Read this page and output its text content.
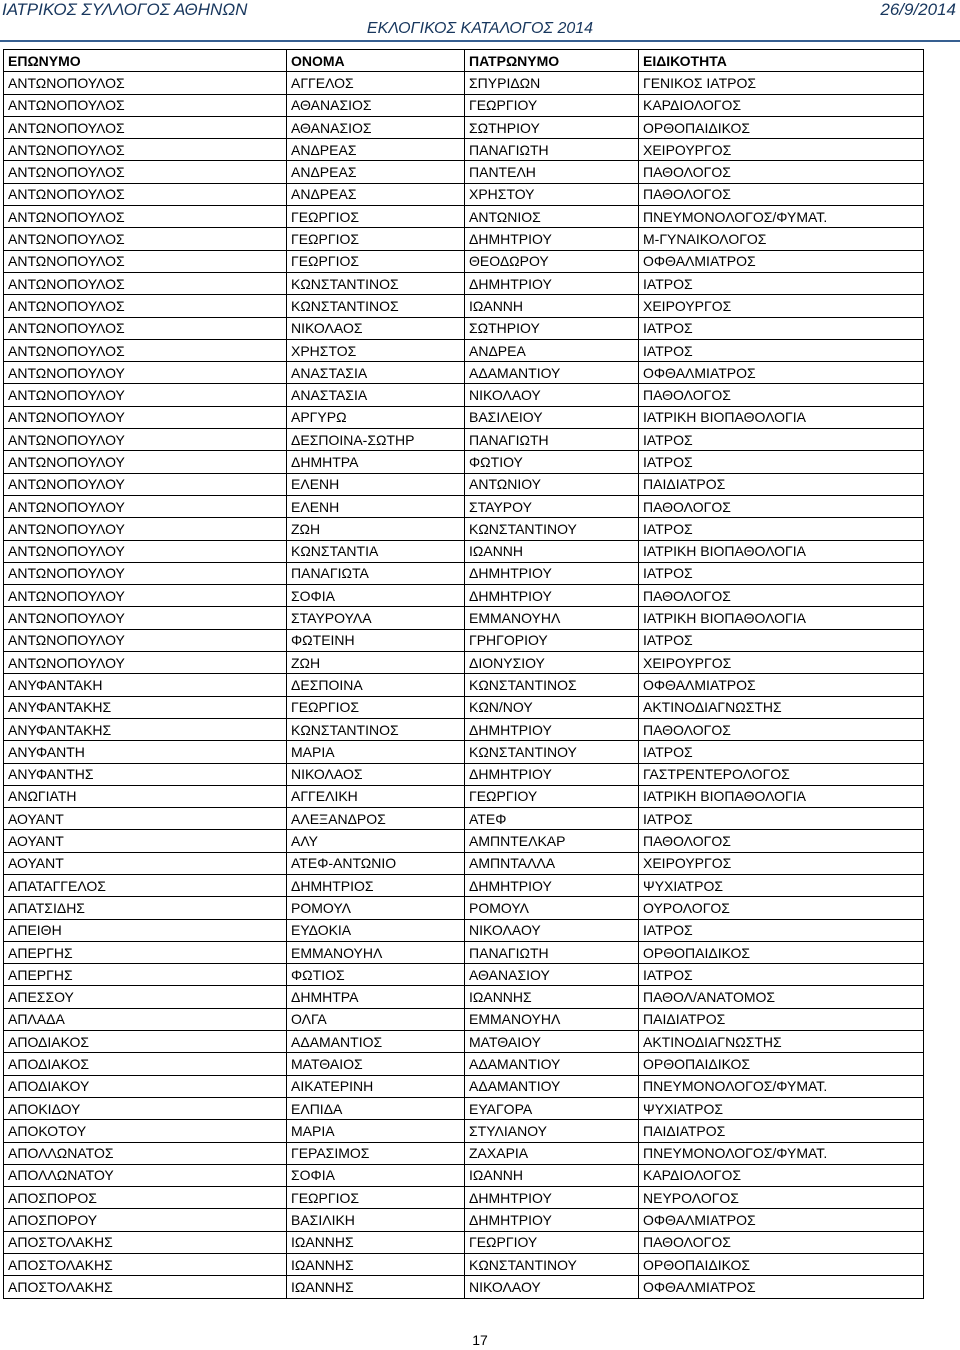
ΙΑΤΡΙΚΟΣ ΣΥΛΛΟΓΟΣ ΑΘΗΝΩΝ
ΕΚΛΟΓΙΚΟΣ ΚΑΤΑΛΟΓΟΣ 2014
26/9/2014
ΕΠΩΝΥΜΟ	ΟΝΟΜΑ	ΠΑΤΡΩΝΥΜΟ	ΕΙΔΙΚΟΤΗΤΑ
ΑΝΤΩΝΟΠΟΥΛΟΣ	ΑΓΓΕΛΟΣ	ΣΠΥΡΙΔΩΝ	ΓΕΝΙΚΟΣ ΙΑΤΡΟΣ
ΑΝΤΩΝΟΠΟΥΛΟΣ	ΑΘΑΝΑΣΙΟΣ	ΓΕΩΡΓΙΟΥ	ΚΑΡΔΙΟΛΟΓΟΣ
ΑΝΤΩΝΟΠΟΥΛΟΣ	ΑΘΑΝΑΣΙΟΣ	ΣΩΤΗΡΙΟΥ	ΟΡΘΟΠΑΙΔΙΚΟΣ
ΑΝΤΩΝΟΠΟΥΛΟΣ	ΑΝΔΡΕΑΣ	ΠΑΝΑΓΙΩΤΗ	ΧΕΙΡΟΥΡΓΟΣ
ΑΝΤΩΝΟΠΟΥΛΟΣ	ΑΝΔΡΕΑΣ	ΠΑΝΤΕΛΗ	ΠΑΘΟΛΟΓΟΣ
ΑΝΤΩΝΟΠΟΥΛΟΣ	ΑΝΔΡΕΑΣ	ΧΡΗΣΤΟΥ	ΠΑΘΟΛΟΓΟΣ
ΑΝΤΩΝΟΠΟΥΛΟΣ	ΓΕΩΡΓΙΟΣ	ΑΝΤΩΝΙΟΣ	ΠΝΕΥΜΟΝΟΛΟΓΟΣ/ΦΥΜΑΤ.
ΑΝΤΩΝΟΠΟΥΛΟΣ	ΓΕΩΡΓΙΟΣ	ΔΗΜΗΤΡΙΟΥ	Μ-ΓΥΝΑΙΚΟΛΟΓΟΣ
ΑΝΤΩΝΟΠΟΥΛΟΣ	ΓΕΩΡΓΙΟΣ	ΘΕΟΔΩΡΟΥ	ΟΦΘΑΛΜΙΑΤΡΟΣ
ΑΝΤΩΝΟΠΟΥΛΟΣ	ΚΩΝΣΤΑΝΤΙΝΟΣ	ΔΗΜΗΤΡΙΟΥ	ΙΑΤΡΟΣ
ΑΝΤΩΝΟΠΟΥΛΟΣ	ΚΩΝΣΤΑΝΤΙΝΟΣ	ΙΩΑΝΝΗ	ΧΕΙΡΟΥΡΓΟΣ
ΑΝΤΩΝΟΠΟΥΛΟΣ	ΝΙΚΟΛΑΟΣ	ΣΩΤΗΡΙΟΥ	ΙΑΤΡΟΣ
ΑΝΤΩΝΟΠΟΥΛΟΣ	ΧΡΗΣΤΟΣ	ΑΝΔΡΕΑ	ΙΑΤΡΟΣ
ΑΝΤΩΝΟΠΟΥΛΟΥ	ΑΝΑΣΤΑΣΙΑ	ΑΔΑΜΑΝΤΙΟΥ	ΟΦΘΑΛΜΙΑΤΡΟΣ
ΑΝΤΩΝΟΠΟΥΛΟΥ	ΑΝΑΣΤΑΣΙΑ	ΝΙΚΟΛΑΟΥ	ΠΑΘΟΛΟΓΟΣ
ΑΝΤΩΝΟΠΟΥΛΟΥ	ΑΡΓΥΡΩ	ΒΑΣΙΛΕΙΟΥ	ΙΑΤΡΙΚΗ ΒΙΟΠΑΘΟΛΟΓΙΑ
ΑΝΤΩΝΟΠΟΥΛΟΥ	ΔΕΣΠΟΙΝΑ-ΣΩΤΗΡ	ΠΑΝΑΓΙΩΤΗ	ΙΑΤΡΟΣ
ΑΝΤΩΝΟΠΟΥΛΟΥ	ΔΗΜΗΤΡΑ	ΦΩΤΙΟΥ	ΙΑΤΡΟΣ
ΑΝΤΩΝΟΠΟΥΛΟΥ	ΕΛΕΝΗ	ΑΝΤΩΝΙΟΥ	ΠΑΙΔΙΑΤΡΟΣ
ΑΝΤΩΝΟΠΟΥΛΟΥ	ΕΛΕΝΗ	ΣΤΑΥΡΟΥ	ΠΑΘΟΛΟΓΟΣ
ΑΝΤΩΝΟΠΟΥΛΟΥ	ΖΩΗ	ΚΩΝΣΤΑΝΤΙΝΟΥ	ΙΑΤΡΟΣ
ΑΝΤΩΝΟΠΟΥΛΟΥ	ΚΩΝΣΤΑΝΤΙΑ	ΙΩΑΝΝΗ	ΙΑΤΡΙΚΗ ΒΙΟΠΑΘΟΛΟΓΙΑ
ΑΝΤΩΝΟΠΟΥΛΟΥ	ΠΑΝΑΓΙΩΤΑ	ΔΗΜΗΤΡΙΟΥ	ΙΑΤΡΟΣ
ΑΝΤΩΝΟΠΟΥΛΟΥ	ΣΟΦΙΑ	ΔΗΜΗΤΡΙΟΥ	ΠΑΘΟΛΟΓΟΣ
ΑΝΤΩΝΟΠΟΥΛΟΥ	ΣΤΑΥΡΟΥΛΑ	ΕΜΜΑΝΟΥΗΛ	ΙΑΤΡΙΚΗ ΒΙΟΠΑΘΟΛΟΓΙΑ
ΑΝΤΩΝΟΠΟΥΛΟΥ	ΦΩΤΕΙΝΗ	ΓΡΗΓΟΡΙΟΥ	ΙΑΤΡΟΣ
ΑΝΤΩΝΟΠΟΥΛΟΥ	ΖΩΗ	ΔΙΟΝΥΣΙΟΥ	ΧΕΙΡΟΥΡΓΟΣ
ΑΝΥΦΑΝΤΑΚΗ	ΔΕΣΠΟΙΝΑ	ΚΩΝΣΤΑΝΤΙΝΟΣ	ΟΦΘΑΛΜΙΑΤΡΟΣ
ΑΝΥΦΑΝΤΑΚΗΣ	ΓΕΩΡΓΙΟΣ	ΚΩΝ/ΝΟΥ	ΑΚΤΙΝΟΔΙΑΓΝΩΣΤΗΣ
ΑΝΥΦΑΝΤΑΚΗΣ	ΚΩΝΣΤΑΝΤΙΝΟΣ	ΔΗΜΗΤΡΙΟΥ	ΠΑΘΟΛΟΓΟΣ
ΑΝΥΦΑΝΤΗ	ΜΑΡΙΑ	ΚΩΝΣΤΑΝΤΙΝΟΥ	ΙΑΤΡΟΣ
ΑΝΥΦΑΝΤΗΣ	ΝΙΚΟΛΑΟΣ	ΔΗΜΗΤΡΙΟΥ	ΓΑΣΤΡΕΝΤΕΡΟΛΟΓΟΣ
ΑΝΩΓΙΑΤΗ	ΑΓΓΕΛΙΚΗ	ΓΕΩΡΓΙΟΥ	ΙΑΤΡΙΚΗ ΒΙΟΠΑΘΟΛΟΓΙΑ
ΑΟΥΑΝΤ	ΑΛΕΞΑΝΔΡΟΣ	ΑΤΕΦ	ΙΑΤΡΟΣ
ΑΟΥΑΝΤ	ΑΛΥ	ΑΜΠΝΤΕΛΚΑΡ	ΠΑΘΟΛΟΓΟΣ
ΑΟΥΑΝΤ	ΑΤΕΦ-ΑΝΤΩΝΙΟ	ΑΜΠΝΤΑΛΛΑ	ΧΕΙΡΟΥΡΓΟΣ
ΑΠΑΤΑΓΓΕΛΟΣ	ΔΗΜΗΤΡΙΟΣ	ΔΗΜΗΤΡΙΟΥ	ΨΥΧΙΑΤΡΟΣ
ΑΠΑΤΣΙΔΗΣ	ΡΟΜΟΥΛ	ΡΟΜΟΥΛ	ΟΥΡΟΛΟΓΟΣ
ΑΠΕΙΘΗ	ΕΥΔΟΚΙΑ	ΝΙΚΟΛΑΟΥ	ΙΑΤΡΟΣ
ΑΠΕΡΓΗΣ	ΕΜΜΑΝΟΥΗΛ	ΠΑΝΑΓΙΩΤΗ	ΟΡΘΟΠΑΙΔΙΚΟΣ
ΑΠΕΡΓΗΣ	ΦΩΤΙΟΣ	ΑΘΑΝΑΣΙΟΥ	ΙΑΤΡΟΣ
ΑΠΕΣΣΟΥ	ΔΗΜΗΤΡΑ	ΙΩΑΝΝΗΣ	ΠΑΘΟΛ/ΑΝΑΤΟΜΟΣ
ΑΠΛΑΔΑ	ΟΛΓΑ	ΕΜΜΑΝΟΥΗΛ	ΠΑΙΔΙΑΤΡΟΣ
ΑΠΟΔΙΑΚΟΣ	ΑΔΑΜΑΝΤΙΟΣ	ΜΑΤΘΑΙΟΥ	ΑΚΤΙΝΟΔΙΑΓΝΩΣΤΗΣ
ΑΠΟΔΙΑΚΟΣ	ΜΑΤΘΑΙΟΣ	ΑΔΑΜΑΝΤΙΟΥ	ΟΡΘΟΠΑΙΔΙΚΟΣ
ΑΠΟΔΙΑΚΟΥ	ΑΙΚΑΤΕΡΙΝΗ	ΑΔΑΜΑΝΤΙΟΥ	ΠΝΕΥΜΟΝΟΛΟΓΟΣ/ΦΥΜΑΤ.
ΑΠΟΚΙΔΟΥ	ΕΛΠΙΔΑ	ΕΥΑΓΟΡΑ	ΨΥΧΙΑΤΡΟΣ
ΑΠΟΚΟΤΟΥ	ΜΑΡΙΑ	ΣΤΥΛΙΑΝΟΥ	ΠΑΙΔΙΑΤΡΟΣ
ΑΠΟΛΛΩΝΑΤΟΣ	ΓΕΡΑΣΙΜΟΣ	ΖΑΧΑΡΙΑ	ΠΝΕΥΜΟΝΟΛΟΓΟΣ/ΦΥΜΑΤ.
ΑΠΟΛΛΩΝΑΤΟΥ	ΣΟΦΙΑ	ΙΩΑΝΝΗ	ΚΑΡΔΙΟΛΟΓΟΣ
ΑΠΟΣΠΟΡΟΣ	ΓΕΩΡΓΙΟΣ	ΔΗΜΗΤΡΙΟΥ	ΝΕΥΡΟΛΟΓΟΣ
ΑΠΟΣΠΟΡΟΥ	ΒΑΣΙΛΙΚΗ	ΔΗΜΗΤΡΙΟΥ	ΟΦΘΑΛΜΙΑΤΡΟΣ
ΑΠΟΣΤΟΛΑΚΗΣ	ΙΩΑΝΝΗΣ	ΓΕΩΡΓΙΟΥ	ΠΑΘΟΛΟΓΟΣ
ΑΠΟΣΤΟΛΑΚΗΣ	ΙΩΑΝΝΗΣ	ΚΩΝΣΤΑΝΤΙΝΟΥ	ΟΡΘΟΠΑΙΔΙΚΟΣ
ΑΠΟΣΤΟΛΑΚΗΣ	ΙΩΑΝΝΗΣ	ΝΙΚΟΛΑΟΥ	ΟΦΘΑΛΜΙΑΤΡΟΣ
17
